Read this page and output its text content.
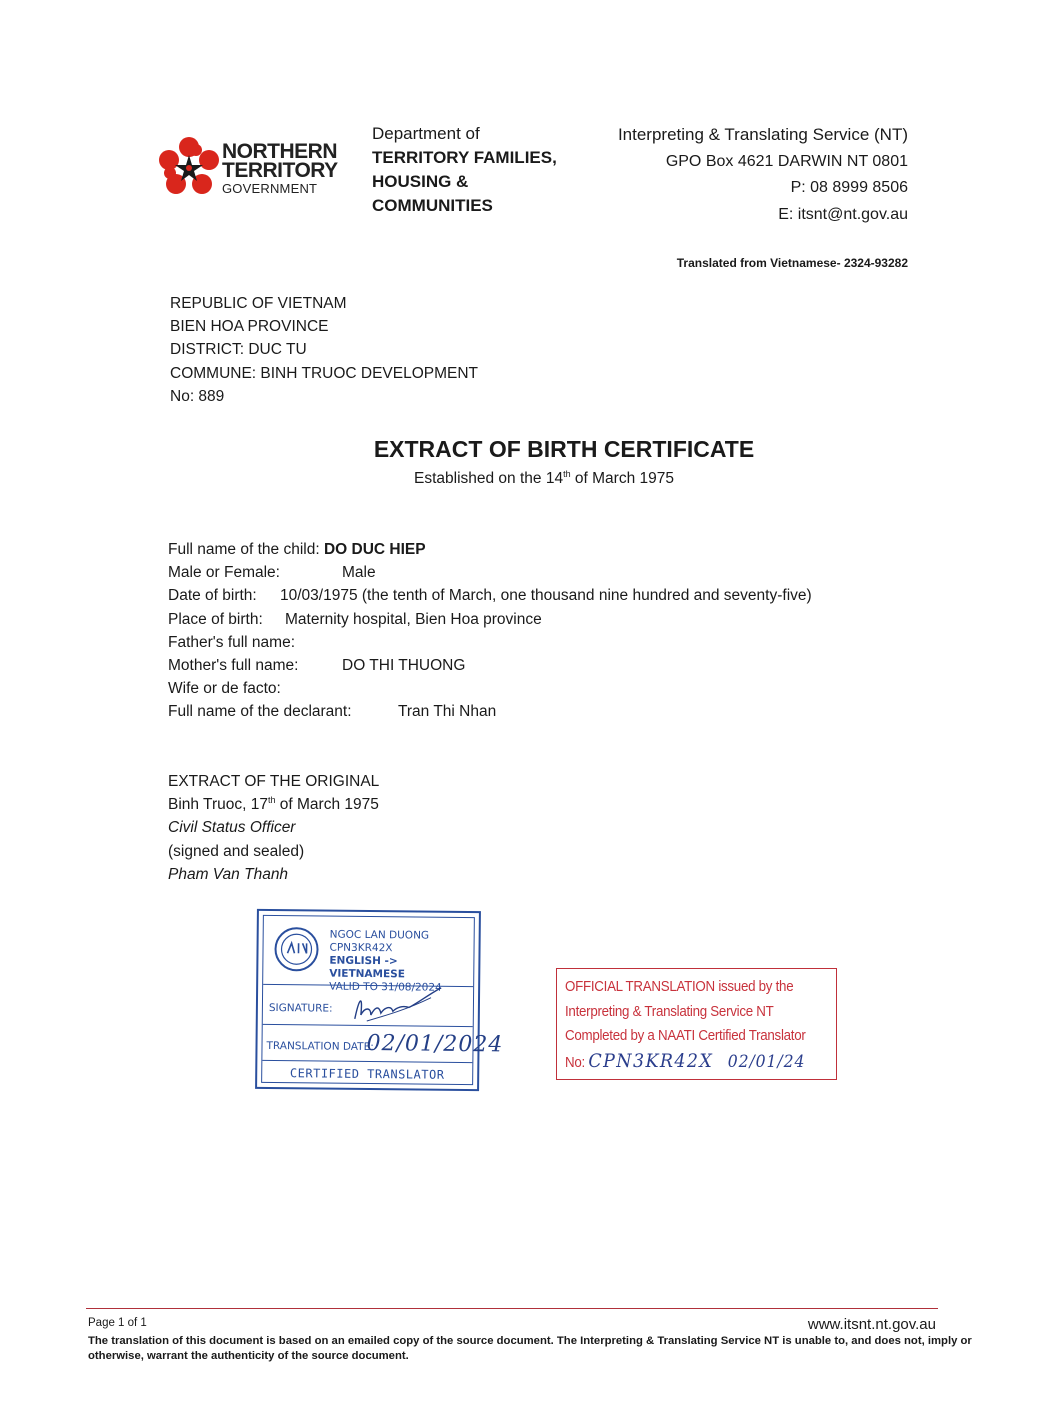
NORTHERN
TERRITORY
GOVERNMENT
Department of
TERRITORY FAMILIES,
HOUSING &
COMMUNITIES
Interpreting & Translating Service (NT)
GPO Box 4621 DARWIN NT 0801
P: 08 8999 8506
E: itsnt@nt.gov.au
Translated from Vietnamese- 2324-93282
REPUBLIC OF VIETNAM
BIEN HOA PROVINCE
DISTRICT: DUC TU
COMMUNE: BINH TRUOC DEVELOPMENT
No: 889
EXTRACT OF BIRTH CERTIFICATE
Established on the 14th of March 1975
Full name of the child: DO DUC HIEP
Male or Female:	Male
Date of birth: 10/03/1975 (the tenth of March, one thousand nine hundred and seventy-five)
Place of birth: Maternity hospital, Bien Hoa province
Father's full name:
Mother's full name:	DO THI THUONG
Wife or de facto:
Full name of the declarant:	Tran Thi Nhan
EXTRACT OF THE ORIGINAL
Binh Truoc, 17th of March 1975
Civil Status Officer
(signed and sealed)
Pham Van Thanh
NGOC LAN DUONG
CPN3KR42X
ENGLISH -> VIETNAMESE
VALID TO 31/08/2024
SIGNATURE:
TRANSLATION DATE:
02/01/2024
CERTIFIED TRANSLATOR
OFFICIAL TRANSLATION issued by the
Interpreting & Translating Service NT
Completed by a NAATI Certified Translator
No: CPN3KR42X 02/01/24
Page 1 of 1	www.itsnt.nt.gov.au
The translation of this document is based on an emailed copy of the source document. The Interpreting & Translating Service NT is unable to, and does not, imply or otherwise, warrant the authenticity of the source document.
